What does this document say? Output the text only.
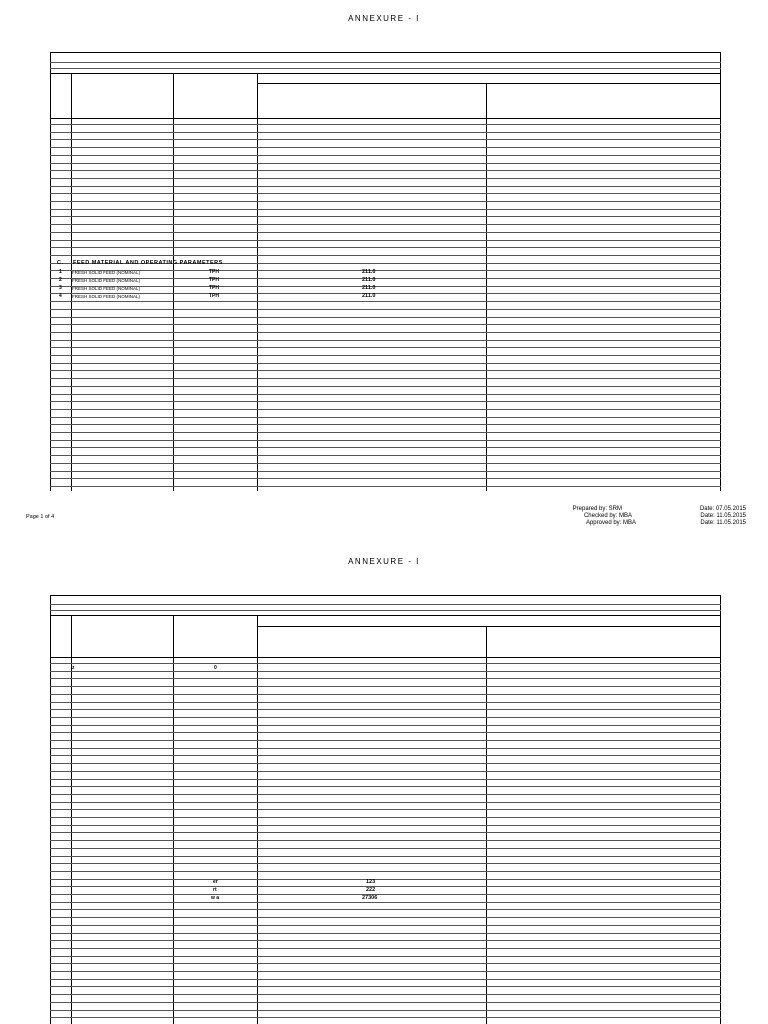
ANNEXURE - I
C. FEED MATERIAL AND OPERATING PARAMETERS
1 FRESH SOLID FEED (NOMINAL)	TPH	211.0
2 FRESH SOLID FEED (NOMINAL)	TPH	211.0
3 FRESH SOLID FEED (NOMINAL)	TPH	211.0
4 FRESH SOLID FEED (NOMINAL)	TPH	211.0
Page 1 of 4
Prepared by: SRM
Checked by: MBA
Approved by: MBA
Date: 07.05.2015
Date: 11.05.2015
Date: 11.05.2015
ANNEXURE - I
z	0
er	123
rt	222
w a	27306
